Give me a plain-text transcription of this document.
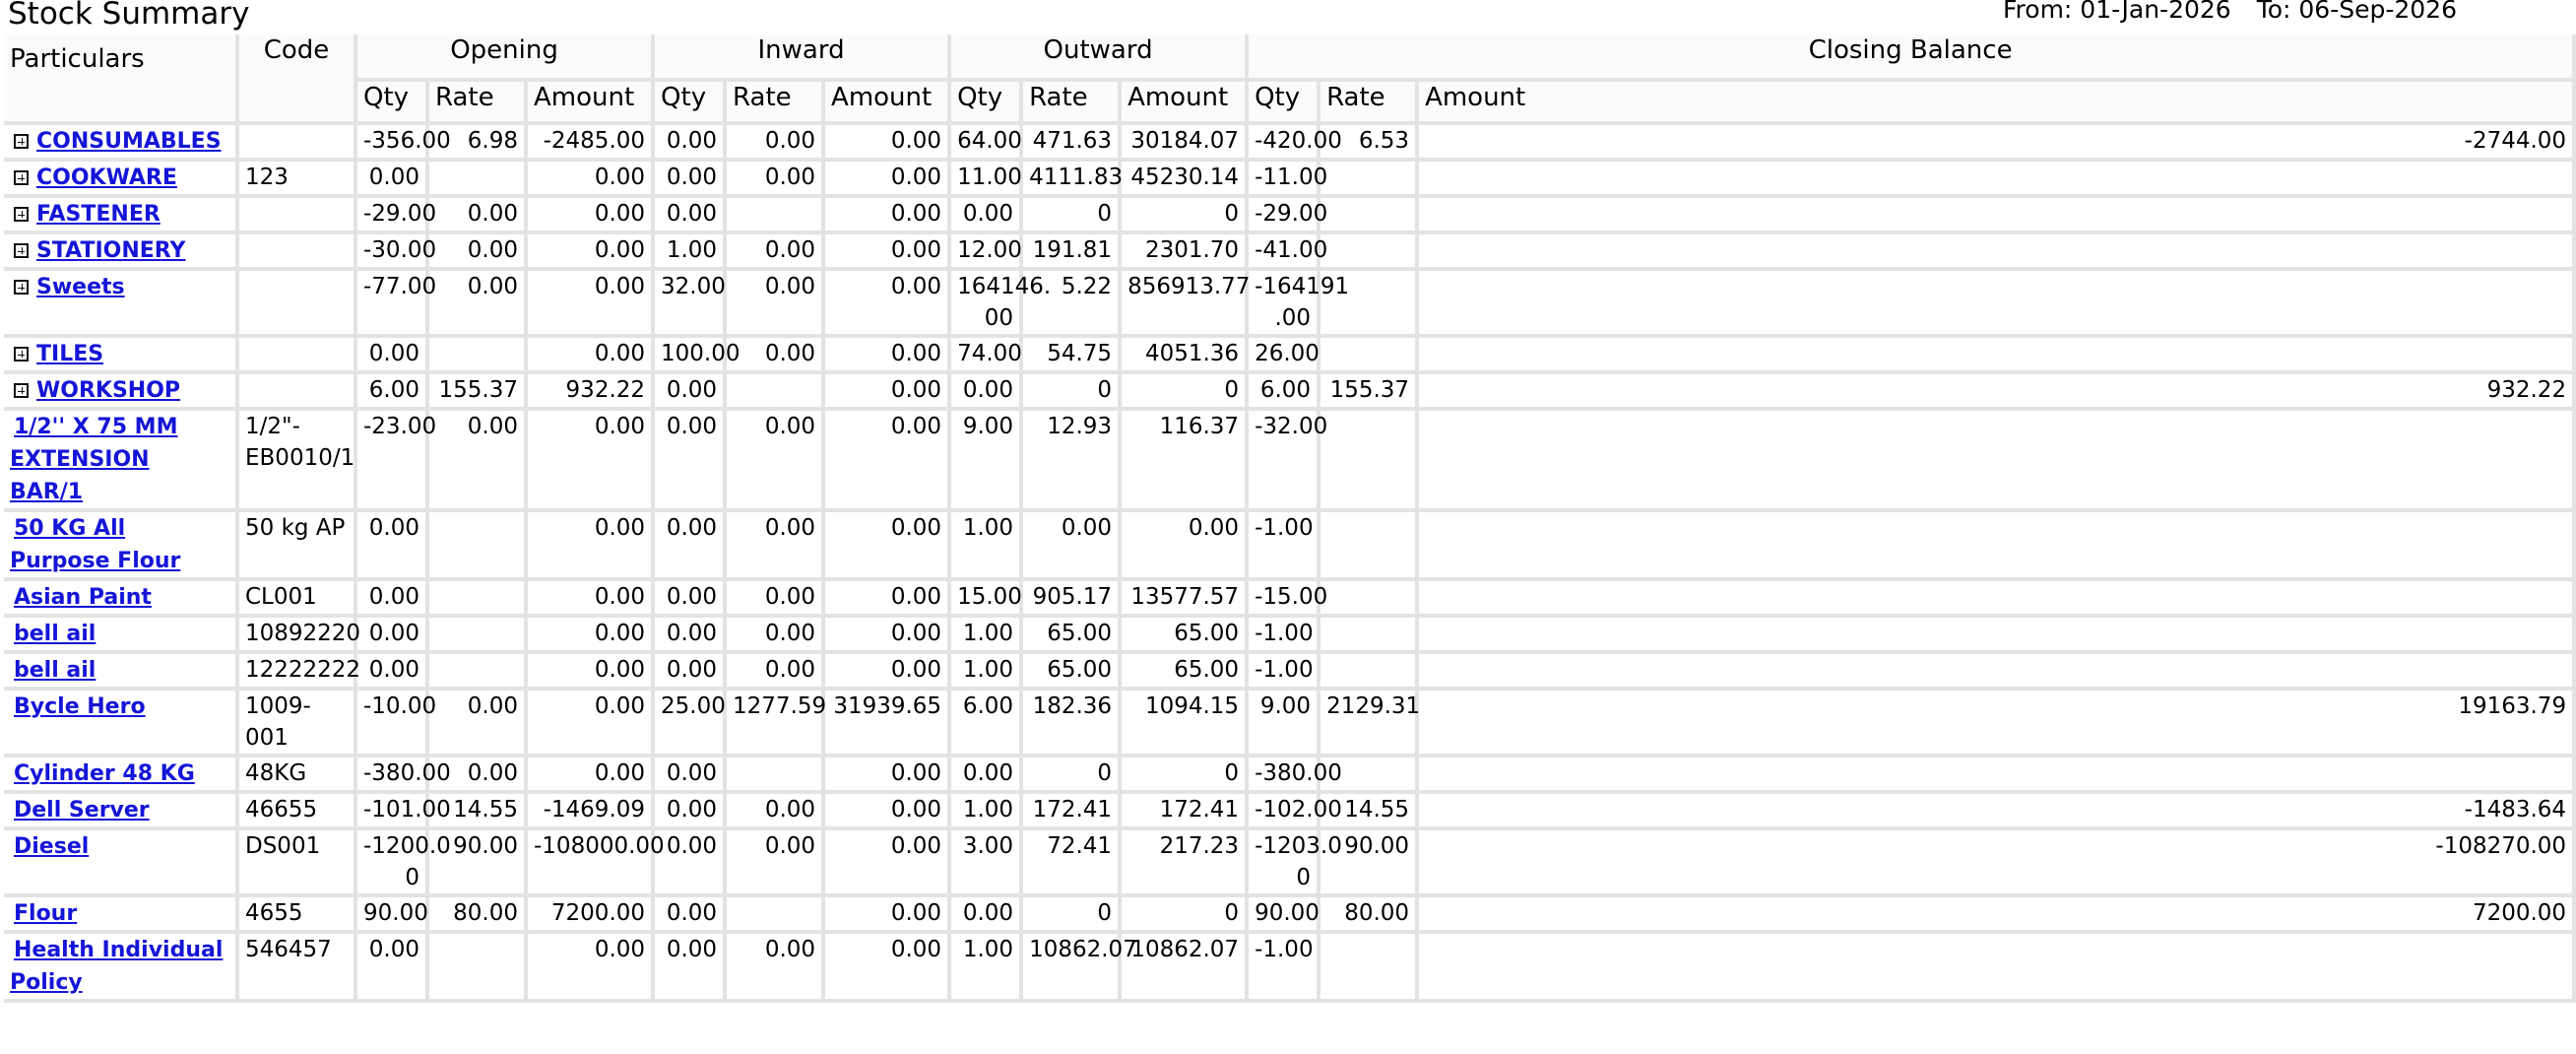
Stock Summary	From: 01-Jan-2026 To: 06-Sep-2026
Particulars	Code	Opening			Inward			Outward			Closing Balance		
		Qty	Rate	Amount	Qty	Rate	Amount	Qty	Rate	Amount	Qty	Rate	Amount
CONSUMABLES		-356.00	6.98	-2485.00	0.00	0.00	0.00	64.00	471.63	30184.07	-420.00	6.53	-2744.00
COOKWARE	123	0.00		0.00	0.00	0.00	0.00	11.00	4111.83	45230.14	-11.00		
FASTENER		-29.00	0.00	0.00	0.00		0.00	0.00	0	0	-29.00		
STATIONERY		-30.00	0.00	0.00	1.00	0.00	0.00	12.00	191.81	2301.70	-41.00		
Sweets		-77.00	0.00	0.00	32.00	0.00	0.00	164146.​00	5.22	856913.77	-164191​.00		
TILES		0.00		0.00	100.00	0.00	0.00	74.00	54.75	4051.36	26.00		
WORKSHOP		6.00	155.37	932.22	0.00		0.00	0.00	0	0	6.00	155.37	932.22
1/2'' X 75 MM EXTENSION BAR/1	1/2"-EB0010/1	-23.00	0.00	0.00	0.00	0.00	0.00	9.00	12.93	116.37	-32.00		
50 KG All Purpose Flour	50 kg AP	0.00		0.00	0.00	0.00	0.00	1.00	0.00	0.00	-1.00		
Asian Paint	CL001	0.00		0.00	0.00	0.00	0.00	15.00	905.17	13577.57	-15.00		
bell ail	10892220	0.00		0.00	0.00	0.00	0.00	1.00	65.00	65.00	-1.00		
bell ail	12222222	0.00		0.00	0.00	0.00	0.00	1.00	65.00	65.00	-1.00		
Bycle Hero	1009-001	-10.00	0.00	0.00	25.00	1277.59	31939.65	6.00	182.36	1094.15	9.00	2129.31	19163.79
Cylinder 48 KG	48KG	-380.00	0.00	0.00	0.00		0.00	0.00	0	0	-380.00		
Dell Server	46655	-101.00	14.55	-1469.09	0.00	0.00	0.00	1.00	172.41	172.41	-102.00	14.55	-1483.64
Diesel	DS001	-1200.0​0	90.00	-108000.00	0.00	0.00	0.00	3.00	72.41	217.23	-1203.0​0	90.00	-108270.00
Flour	4655	90.00	80.00	7200.00	0.00		0.00	0.00	0	0	90.00	80.00	7200.00
Health Individual Policy	546457	0.00		0.00	0.00	0.00	0.00	1.00	10862.07	10862.07	-1.00		
